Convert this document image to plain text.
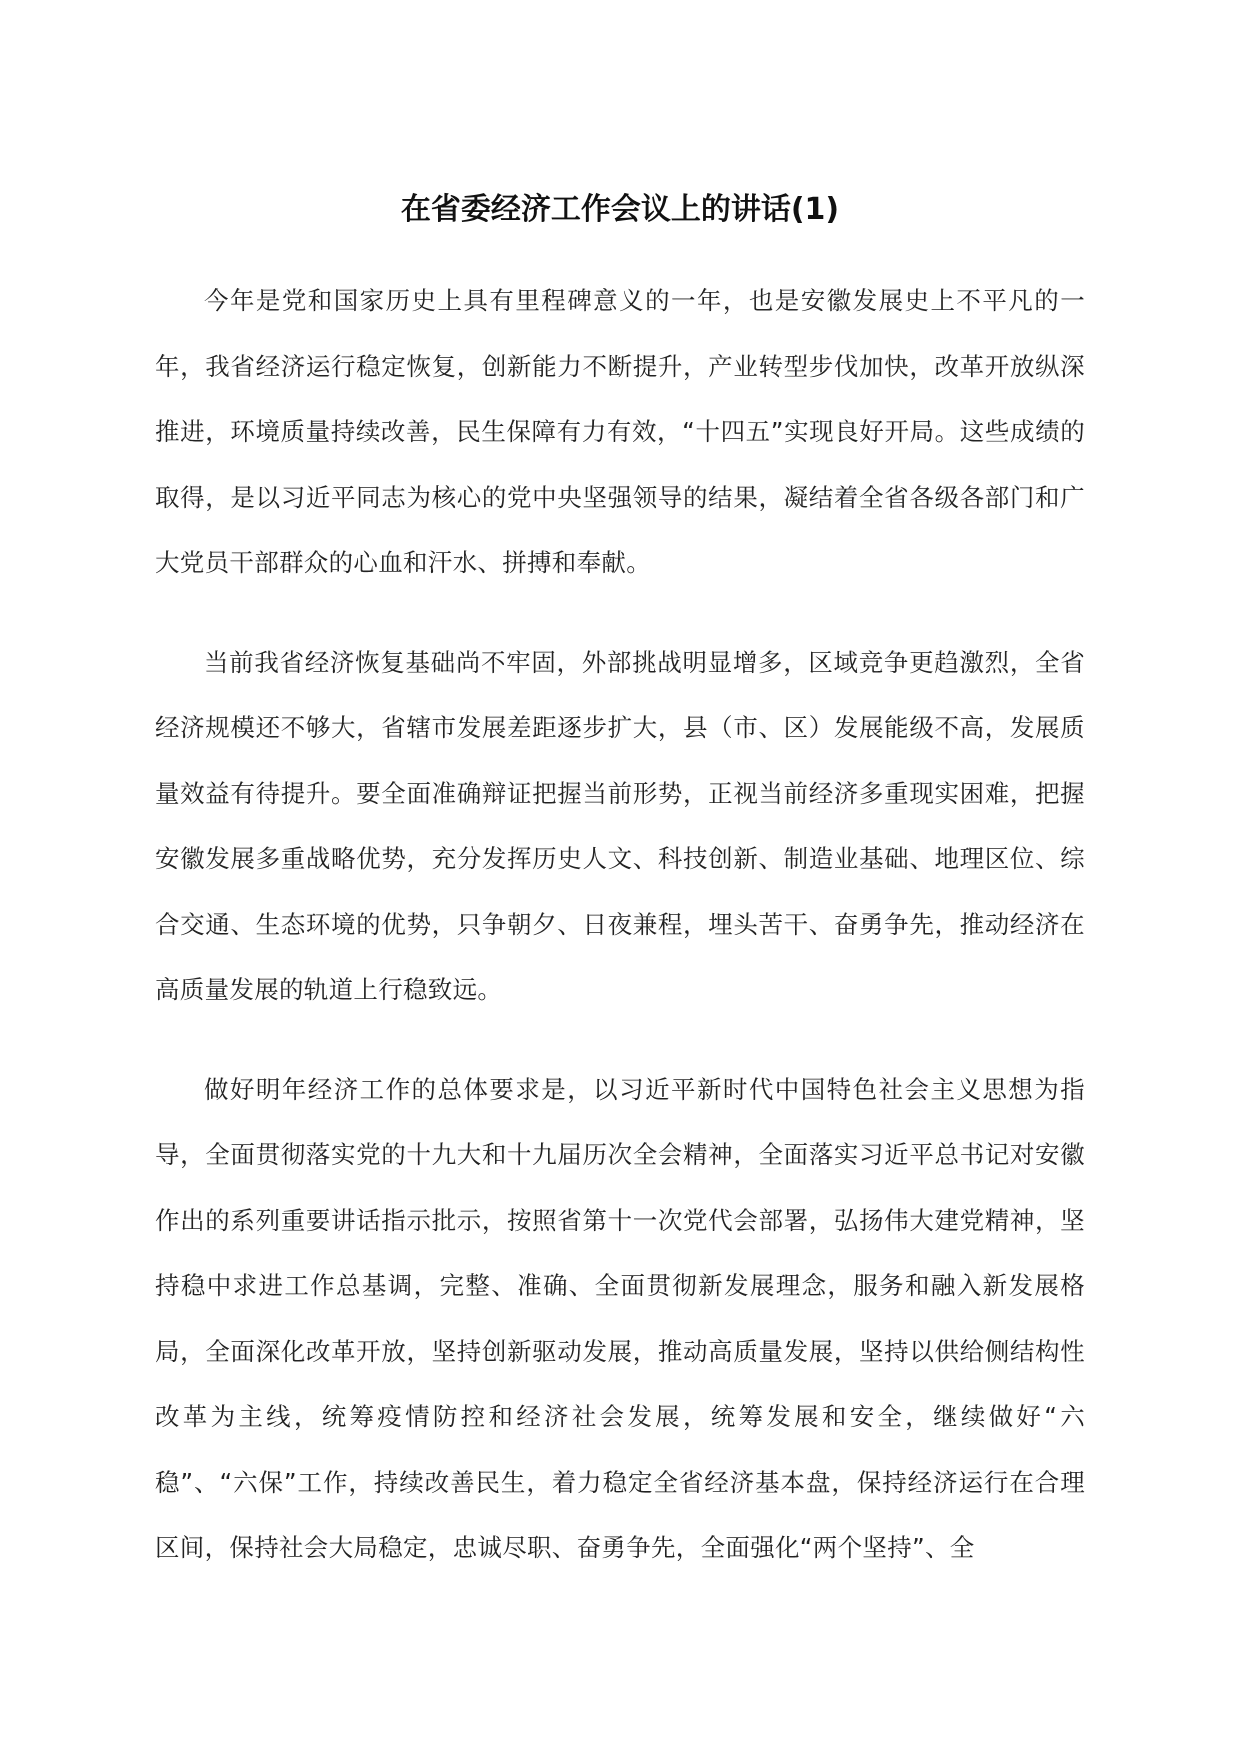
在省委经济工作会议上的讲话(1)

今年是党和国家历史上具有里程碑意义的一年，也是安徽发展史上不平凡的一年，我省经济运行稳定恢复，创新能力不断提升，产业转型步伐加快，改革开放纵深推进，环境质量持续改善，民生保障有力有效，“十四五”实现良好开局。这些成绩的取得，是以习近平同志为核心的党中央坚强领导的结果，凝结着全省各级各部门和广大党员干部群众的心血和汗水、拼搏和奉献。

当前我省经济恢复基础尚不牢固，外部挑战明显增多，区域竞争更趋激烈，全省经济规模还不够大，省辖市发展差距逐步扩大，县（市、区）发展能级不高，发展质量效益有待提升。要全面准确辩证把握当前形势，正视当前经济多重现实困难，把握安徽发展多重战略优势，充分发挥历史人文、科技创新、制造业基础、地理区位、综合交通、生态环境的优势，只争朝夕、日夜兼程，埋头苦干、奋勇争先，推动经济在高质量发展的轨道上行稳致远。

做好明年经济工作的总体要求是，以习近平新时代中国特色社会主义思想为指导，全面贯彻落实党的十九大和十九届历次全会精神，全面落实习近平总书记对安徽作出的系列重要讲话指示批示，按照省第十一次党代会部署，弘扬伟大建党精神，坚持稳中求进工作总基调，完整、准确、全面贯彻新发展理念，服务和融入新发展格局，全面深化改革开放，坚持创新驱动发展，推动高质量发展，坚持以供给侧结构性改革为主线，统筹疫情防控和经济社会发展，统筹发展和安全，继续做好“六稳”、“六保”工作，持续改善民生，着力稳定全省经济基本盘，保持经济运行在合理区间，保持社会大局稳定，忠诚尽职、奋勇争先，全面强化“两个坚持”、全
